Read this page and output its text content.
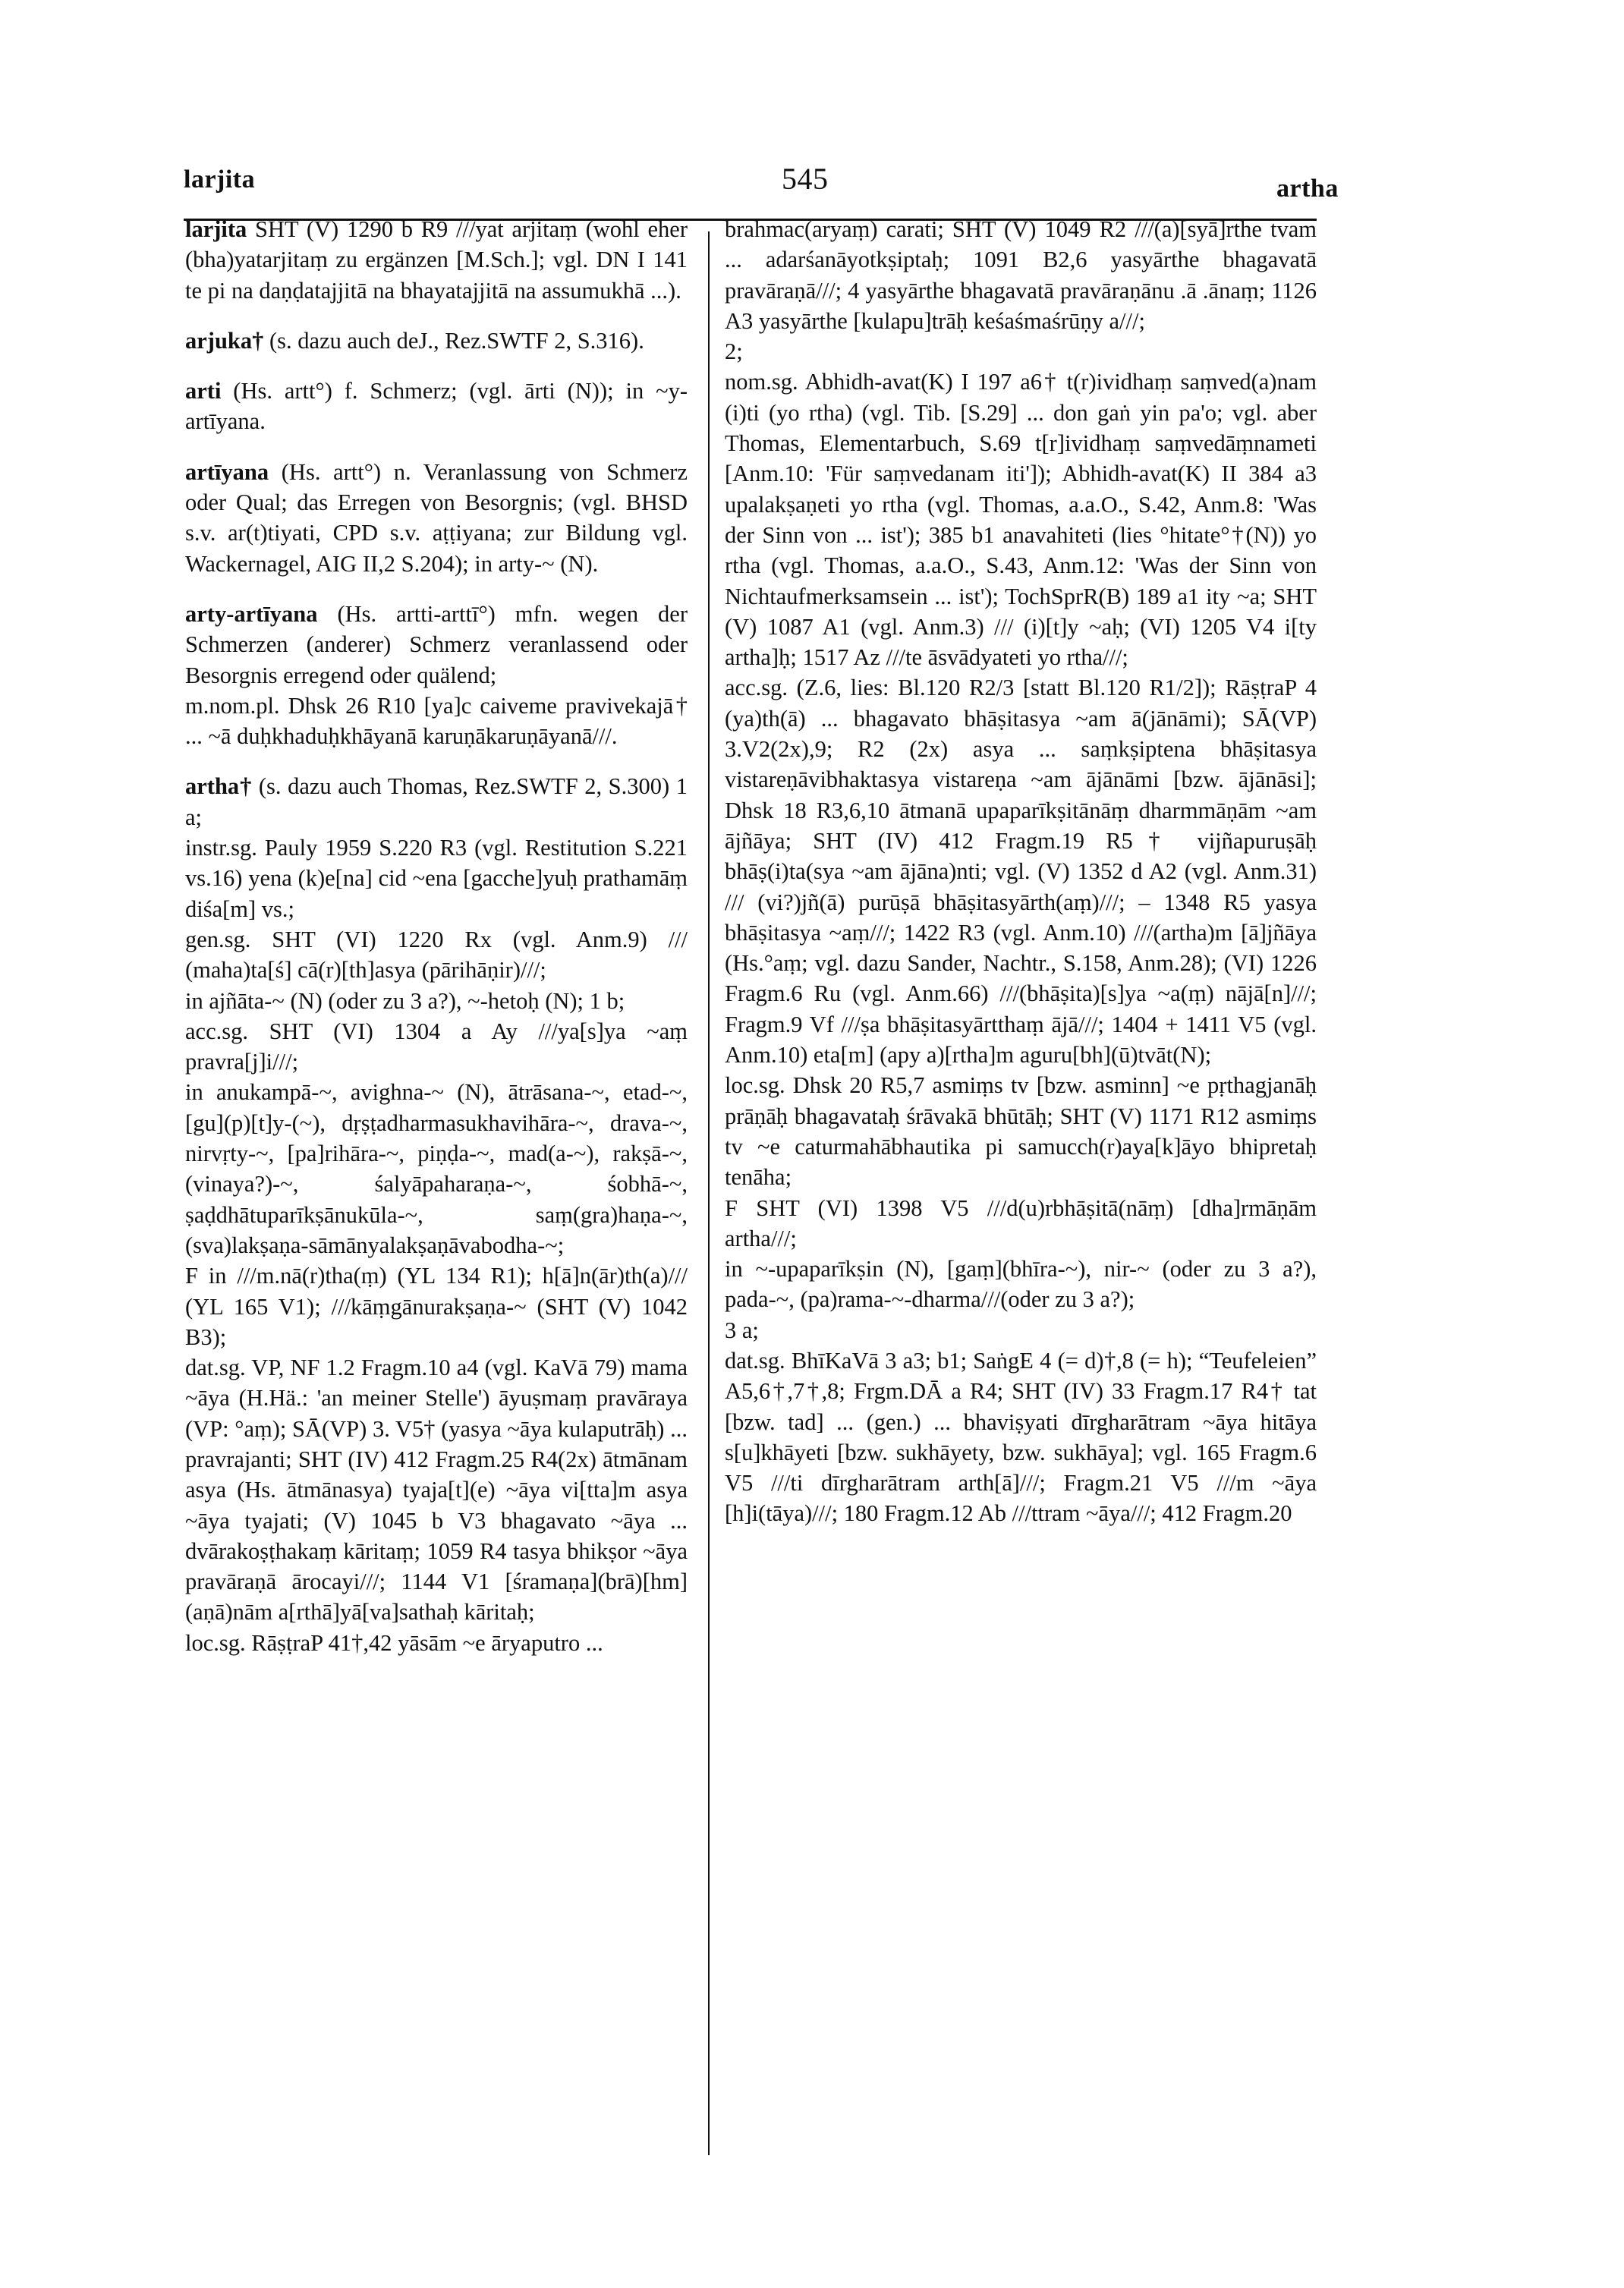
larjita	545	artha

larjita SHT (V) 1290 b R9 ///yat arjitaṃ (wohl eher (bha)yatarjitaṃ zu ergänzen [M.Sch.]; vgl. DN I 141 te pi na daṇḍatajjitā na bhayatajjitā na assumukhā ...).

arjuka† (s. dazu auch deJ., Rez.SWTF 2, S.316).

arti (Hs. artt°) f. Schmerz; (vgl. ārti (N)); in ~y-artīyana.

artīyana (Hs. artt°) n. Veranlassung von Schmerz oder Qual; das Erregen von Besorgnis; (vgl. BHSD s.v. ar(t)tiyati, CPD s.v. aṭṭiyana; zur Bildung vgl. Wackernagel, AIG II,2 S.204); in arty-~ (N).

arty-artīyana (Hs. artti-arttī°) mfn. wegen der Schmerzen (anderer) Schmerz veranlassend oder Besorgnis erregend oder quälend;

m.nom.pl. Dhsk 26 R10 [ya]c caiveme pravivekajā† ... ~ā duḥkhaduḥkhāyanā karuṇākaruṇāyanā///.

artha† (s. dazu auch Thomas, Rez.SWTF 2, S.300) 1 a;

instr.sg. Pauly 1959 S.220 R3 (vgl. Restitution S.221 vs.16) yena (k)e[na] cid ~ena [gacche]yuḥ prathamāṃ diśa[m] vs.;

gen.sg. SHT (VI) 1220 Rx (vgl. Anm.9) /// (maha)ta[ś] cā(r)[th]asya (pārihāṇir)///;

in ajñāta-~ (N) (oder zu 3 a?), ~-hetoḥ (N); 1 b;

acc.sg. SHT (VI) 1304 a Ay ///ya[s]ya ~aṃ pravra[j]i///;

in anukampā-~, avighna-~ (N), ātrāsana-~, etad-~, [gu](p)[t]y-(~), dṛṣṭadharmasukhavihāra-~, drava-~, nirvṛty-~, [pa]rihāra-~, piṇḍa-~, mad(a-~), rakṣā-~, (vinaya?)-~, śalyāpaharaṇa-~, śobhā-~, ṣaḍdhātuparīkṣānukūla-~, saṃ(gra)haṇa-~, (sva)lakṣaṇa-sāmānyalakṣaṇāvabodha-~;

F in ///m.nā(r)tha(ṃ) (YL 134 R1); h[ā]n(ār)th(a)/// (YL 165 V1); ///kāṃgānurakṣaṇa-~ (SHT (V) 1042 B3);

dat.sg. VP, NF 1.2 Fragm.10 a4 (vgl. KaVā 79) mama ~āya (H.Hä.: 'an meiner Stelle') āyuṣmaṃ pravāraya (VP: °aṃ); SĀ(VP) 3. V5† (yasya ~āya kulaputrāḥ) ... pravrajanti; SHT (IV) 412 Fragm.25 R4(2x) ātmānam asya (Hs. ātmānasya) tyaja[t](e) ~āya vi[tta]m asya ~āya tyajati; (V) 1045 b V3 bhagavato ~āya ... dvārakoṣṭhakaṃ kāritaṃ; 1059 R4 tasya bhikṣor ~āya pravāraṇā ārocayi///; 1144 V1 [śramaṇa](brā)[hm](aṇā)nām a[rthā]yā[va]sathaḥ kāritaḥ;

loc.sg. RāṣṭraP 41†,42 yāsām ~e āryaputro ...

brahmac(aryaṃ) carati; SHT (V) 1049 R2 ///(a)[syā]rthe tvam ... adarśanāyotkṣiptaḥ; 1091 B2,6 yasyārthe bhagavatā pravāraṇā///; 4 yasyārthe bhagavatā pravāraṇānu .ā .ānaṃ; 1126 A3 yasyārthe [kulapu]trāḥ keśaśmaśrūṇy a///;

2;

nom.sg. Abhidh-avat(K) I 197 a6† t(r)ividhaṃ saṃved(a)nam (i)ti (yo rtha) (vgl. Tib. [S.29] ... don gaṅ yin pa'o; vgl. aber Thomas, Elementarbuch, S.69 t[r]ividhaṃ saṃvedāṃnameti [Anm.10: 'Für saṃvedanam iti']); Abhidh-avat(K) II 384 a3 upalakṣaṇeti yo rtha (vgl. Thomas, a.a.O., S.42, Anm.8: 'Was der Sinn von ... ist'); 385 b1 anavahiteti (lies °hitate°†(N)) yo rtha (vgl. Thomas, a.a.O., S.43, Anm.12: 'Was der Sinn von Nichtaufmerksamsein ... ist'); TochSprR(B) 189 a1 ity ~a; SHT (V) 1087 A1 (vgl. Anm.3) /// (i)[t]y ~aḥ; (VI) 1205 V4 i[ty artha]ḥ; 1517 Az ///te āsvādyateti yo rtha///;

acc.sg. (Z.6, lies: Bl.120 R2/3 [statt Bl.120 R1/2]); RāṣṭraP 4 (ya)th(ā) ... bhagavato bhāṣitasya ~am ā(jānāmi); SĀ(VP) 3.V2(2x),9; R2 (2x) asya ... saṃkṣiptena bhāṣitasya vistareṇāvibhaktasya vistareṇa ~am ājānāmi [bzw. ājānāsi]; Dhsk 18 R3,6,10 ātmanā upaparīkṣitānāṃ dharmmāṇām ~am ājñāya; SHT (IV) 412 Fragm.19 R5† vijñapuruṣāḥ bhāṣ(i)ta(sya ~am ājāna)nti; vgl. (V) 1352 d A2 (vgl. Anm.31) /// (vi?)jñ(ā) purūṣā bhāṣitasyārth(aṃ)///; – 1348 R5 yasya bhāṣitasya ~aṃ///; 1422 R3 (vgl. Anm.10) ///(artha)m [ā]jñāya (Hs.°aṃ; vgl. dazu Sander, Nachtr., S.158, Anm.28); (VI) 1226 Fragm.6 Ru (vgl. Anm.66) ///(bhāṣita)[s]ya ~a(ṃ) nājā[n]///; Fragm.9 Vf ///ṣa bhāṣitasyārtthaṃ ājā///; 1404 + 1411 V5 (vgl. Anm.10) eta[m] (apy a)[rtha]m aguru[bh](ū)tvāt(N);

loc.sg. Dhsk 20 R5,7 asmiṃs tv [bzw. asminn] ~e pṛthagjanāḥ prāṇāḥ bhagavataḥ śrāvakā bhūtāḥ; SHT (V) 1171 R12 asmiṃs tv ~e caturmahābhautika pi samucch(r)aya[k]āyo bhipretaḥ tenāha;

F SHT (VI) 1398 V5 ///d(u)rbhāṣitā(nāṃ) [dha]rmāṇām artha///;

in ~-upaparīkṣin (N), [gaṃ](bhīra-~), nir-~ (oder zu 3 a?), pada-~, (pa)rama-~-dharma///(oder zu 3 a?);

3 a;

dat.sg. BhīKaVā 3 a3; b1; SaṅgE 4 (= d)†,8 (= h); “Teufeleien” A5,6†,7†,8; Frgm.DĀ a R4; SHT (IV) 33 Fragm.17 R4† tat [bzw. tad] ... (gen.) ... bhaviṣyati dīrgharātram ~āya hitāya s[u]khāyeti [bzw. sukhāyety, bzw. sukhāya]; vgl. 165 Fragm.6 V5 ///ti dīrgharātram arth[ā]///; Fragm.21 V5 ///m ~āya [h]i(tāya)///; 180 Fragm.12 Ab ///ttram ~āya///; 412 Fragm.20
